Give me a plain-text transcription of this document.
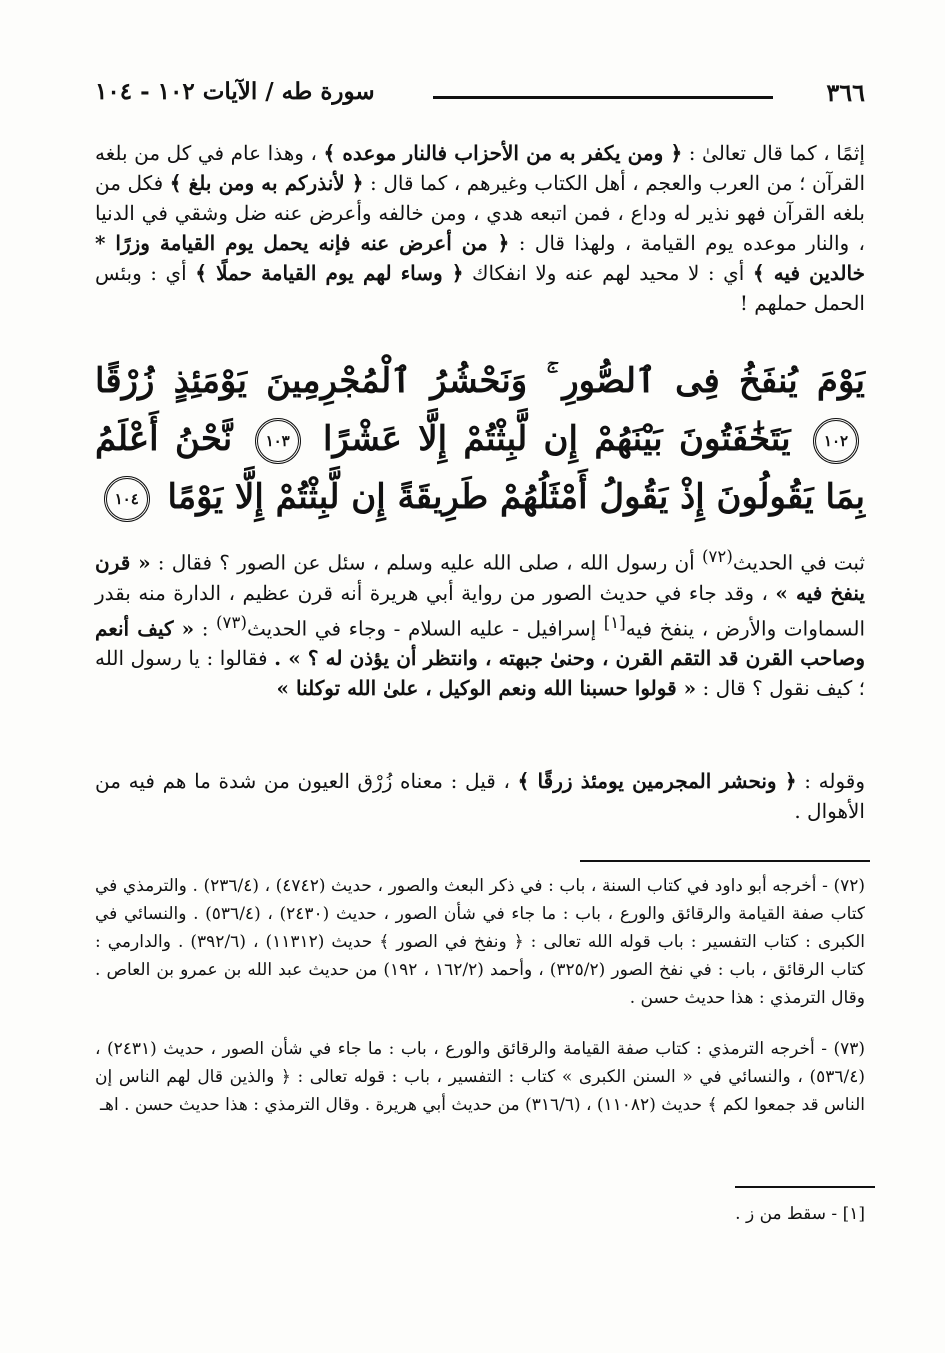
٣٦٦
سورة طه / الآيات ١٠٢ - ١٠٤
إثمًا ، كما قال تعالىٰ : ﴿ ومن يكفر به من الأحزاب فالنار موعده ﴾ ، وهذا عام في كل من بلغه القرآن ؛ من العرب والعجم ، أهل الكتاب وغيرهم ، كما قال : ﴿ لأنذركم به ومن بلغ ﴾ فكل من بلغه القرآن فهو نذير له وداع ، فمن اتبعه هدي ، ومن خالفه وأعرض عنه ضل وشقي في الدنيا ، والنار موعده يوم القيامة ، ولهذا قال : ﴿ من أعرض عنه فإنه يحمل يوم القيامة وزرًا * خالدين فيه ﴾ أي : لا محيد لهم عنه ولا انفكاك ﴿ وساء لهم يوم القيامة حملًا ﴾ أي : وبئس الحمل حملهم !
يَوْمَ يُنفَخُ فِى ٱلصُّورِ ۚ وَنَحْشُرُ ٱلْمُجْرِمِينَ يَوْمَئِذٍ زُرْقًا ١٠٢ يَتَخَٰفَتُونَ بَيْنَهُمْ إِن لَّبِثْتُمْ إِلَّا عَشْرًا ١٠٣ نَّحْنُ أَعْلَمُ بِمَا يَقُولُونَ إِذْ يَقُولُ أَمْثَلُهُمْ طَرِيقَةً إِن لَّبِثْتُمْ إِلَّا يَوْمًا ١٠٤
ثبت في الحديث$^{(٧٢)}$ أن رسول الله ، صلى الله عليه وسلم ، سئل عن الصور ؟ فقال : « قرن ينفخ فيه » ، وقد جاء في حديث الصور من رواية أبي هريرة أنه قرن عظيم ، الدارة منه بقدر السماوات والأرض ، ينفخ فيه[١] إسرافيل - عليه السلام - وجاء في الحديث$^{(٧٣)}$ : « كيف أنعم وصاحب القرن قد التقم القرن ، وحنىٰ جبهته ، وانتظر أن يؤذن له ؟ » . فقالوا : يا رسول الله ؛ كيف نقول ؟ قال : « قولوا حسبنا الله ونعم الوكيل ، علىٰ الله توكلنا »
وقوله : ﴿ ونحشر المجرمين يومئذ زرقًا ﴾ ، قيل : معناه زُرْق العيون من شدة ما هم فيه من الأهوال .
(٧٢) - أخرجه أبو داود في كتاب السنة ، باب : في ذكر البعث والصور ، حديث (٤٧٤٢) ، (٢٣٦/٤) . والترمذي في كتاب صفة القيامة والرقائق والورع ، باب : ما جاء في شأن الصور ، حديث (٢٤٣٠) ، (٥٣٦/٤) . والنسائي في الكبرى : كتاب التفسير : باب قوله الله تعالى : ﴿ ونفخ في الصور ﴾ حديث (١١٣١٢) ، (٣٩٢/٦) . والدارمي : كتاب الرقائق ، باب : في نفخ الصور (٣٢٥/٢) ، وأحمد (١٦٢/٢ ، ١٩٢) من حديث عبد الله بن عمرو بن العاص . وقال الترمذي : هذا حديث حسن .
(٧٣) - أخرجه الترمذي : كتاب صفة القيامة والرقائق والورع ، باب : ما جاء في شأن الصور ، حديث (٢٤٣١) ، (٥٣٦/٤) ، والنسائي في « السنن الكبرى » كتاب : التفسير ، باب : قوله تعالى : ﴿ والذين قال لهم الناس إن الناس قد جمعوا لكم ﴾ حديث (١١٠٨٢) ، (٣١٦/٦) من حديث أبي هريرة . وقال الترمذي : هذا حديث حسن . اهـ
[١] - سقط من ز .
